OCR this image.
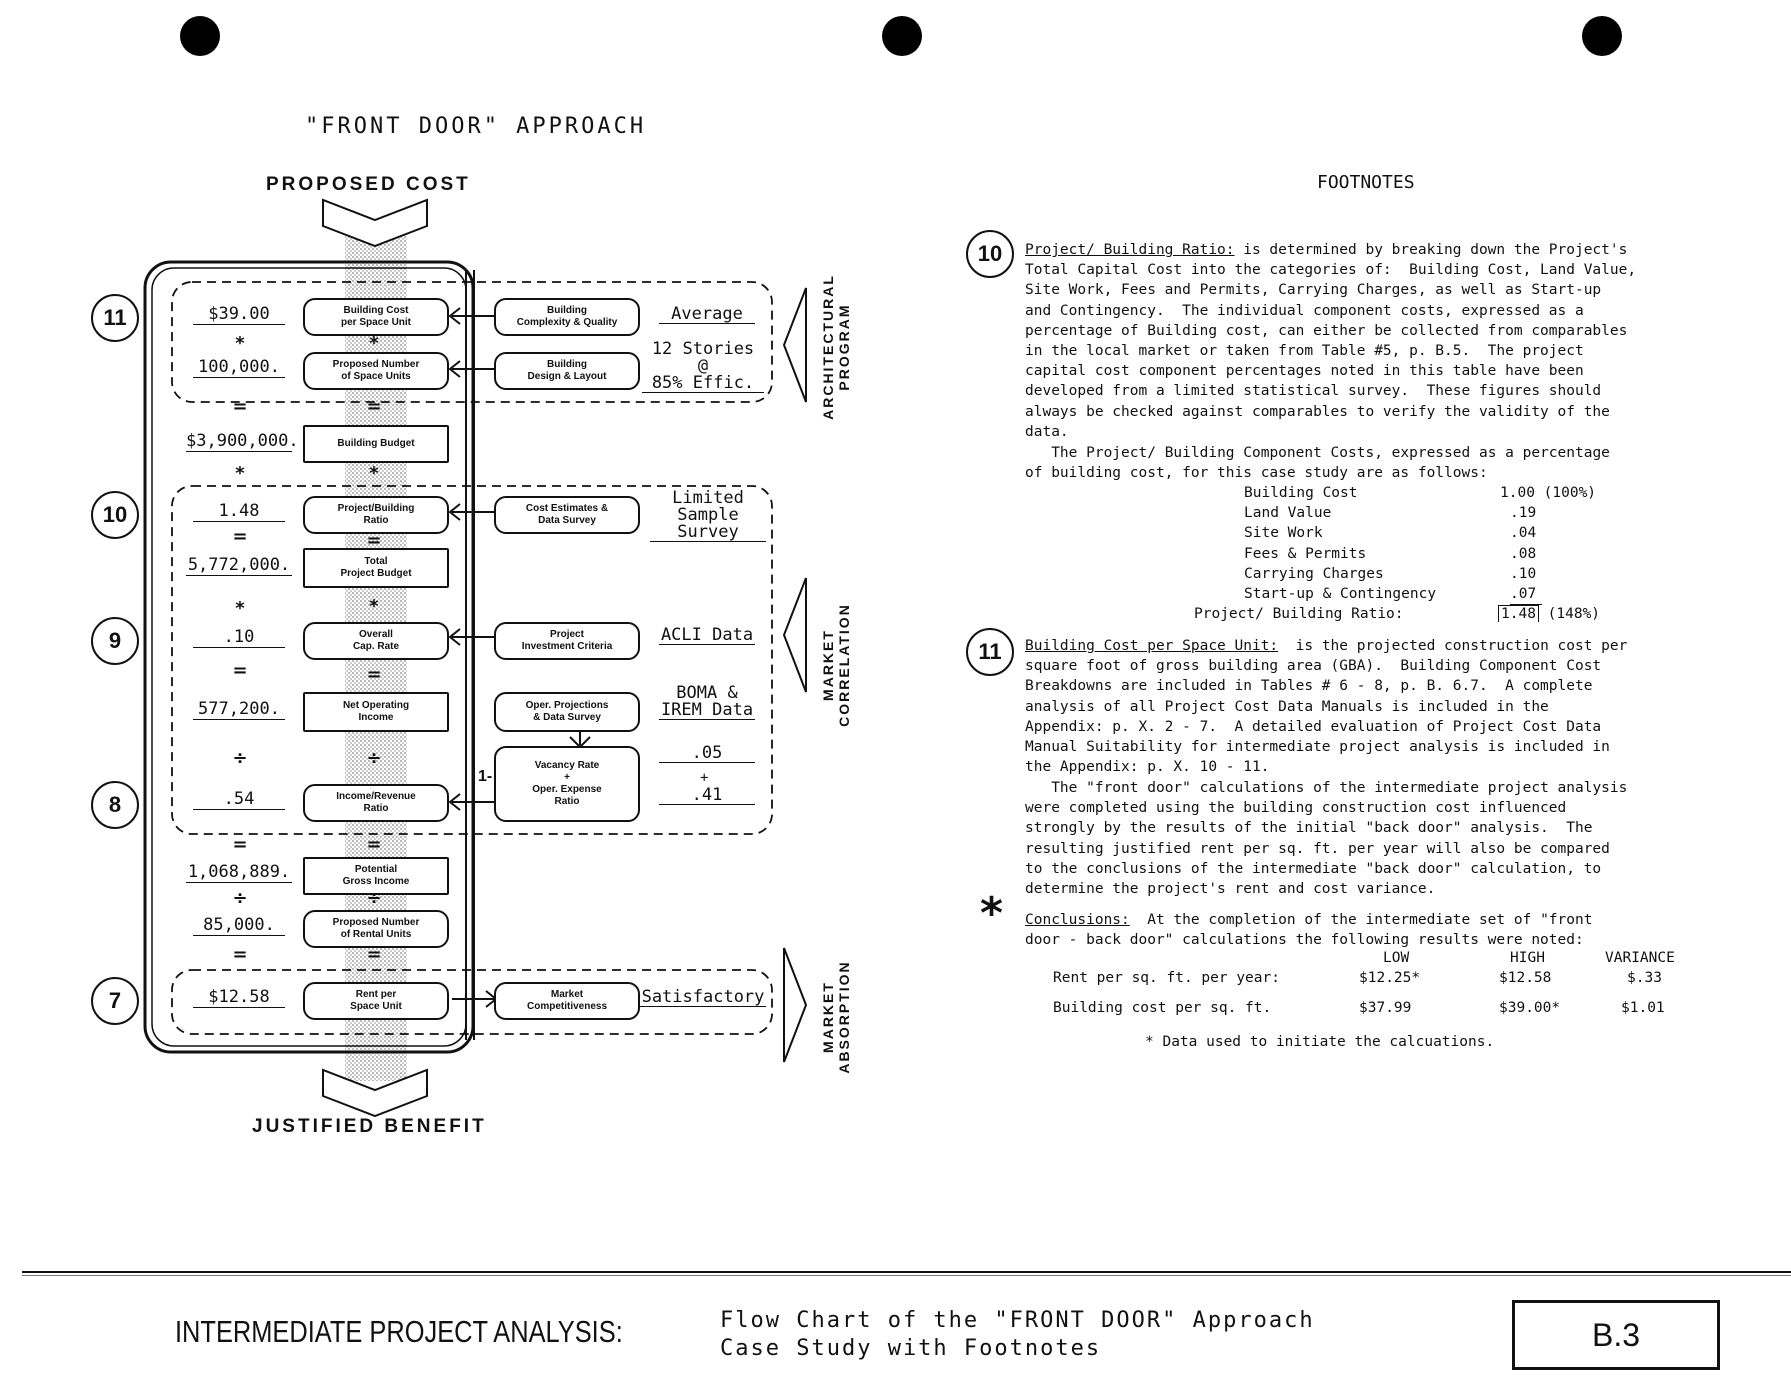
"FRONT DOOR" APPROACH
FOOTNOTES
PROPOSED COST
JUSTIFIED BENEFIT
11
10
9
8
7
Building Cost
per Space Unit
Proposed Number
of Space Units
Building Budget
Project/Building
Ratio
Total
Project Budget
Overall
Cap. Rate
Net Operating
Income
Income/Revenue
Ratio
Potential
Gross Income
Proposed Number
of Rental Units
Rent per
Space Unit
Building
Complexity & Quality
Building
Design & Layout
Cost Estimates &
Data Survey
Project
Investment Criteria
Oper. Projections
& Data Survey
Vacancy Rate
+
Oper. Expense
Ratio
1-
Market
Competitiveness
$39.00
100,000.
$3,900,000.
1.48
5,772,000.
.10
577,200.
.54
1,068,889.
85,000.
$12.58
*
=
*
=
*
=
÷
=
÷
=
*
=
*
=
*
=
÷
=
÷
=
Average
12 Stories @
85% Effic.
Limited Sample
Survey
ACLI Data
BOMA &
IREM Data
.05
+
.41
Satisfactory
ARCHITECTURAL
PROGRAM
MARKET
CORRELATION
MARKET
ABSORPTION
10	Project/ Building Ratio: is determined by breaking down the Project's
Total Capital Cost into the categories of:  Building Cost, Land Value,
Site Work, Fees and Permits, Carrying Charges, as well as Start-up
and Contingency.  The individual component costs, expressed as a
percentage of Building cost, can either be collected from comparables
in the local market or taken from Table #5, p. B.5.  The project
capital cost component percentages noted in this table have been
developed from a limited statistical survey.  These figures should
always be checked against comparables to verify the validity of the
data.
The Project/ Building Component Costs, expressed as a percentage
of building cost, for this case study are as follows:
Building Cost	1.00 (100%)
Land Value	.19
Site Work	.04
Fees & Permits	.08
Carrying Charges	.10
Start-up & Contingency	.07
Project/ Building Ratio:	1.48 (148%)
11	Building Cost per Space Unit:  is the projected construction cost per
square foot of gross building area (GBA).  Building Component Cost
Breakdowns are included in Tables # 6 - 8, p. B. 6.7.  A complete
analysis of all Project Cost Data Manuals is included in the
Appendix: p. X. 2 - 7.  A detailed evaluation of Project Cost Data
Manual Suitability for intermediate project analysis is included in
the Appendix: p. X. 10 - 11.
The "front door" calculations of the intermediate project analysis
were completed using the building construction cost influenced
strongly by the results of the initial "back door" analysis.  The
resulting justified rent per sq. ft. per year will also be compared
to the conclusions of the intermediate "back door" calculation, to
determine the project's rent and cost variance.
* Conclusions:  At the completion of the intermediate set of "front
door - back door" calculations the following results were noted:
LOW	HIGH	VARIANCE
Rent per sq. ft. per year:	$12.25*	$12.58	$.33
Building cost per sq. ft.	$37.99	$39.00*	$1.01
* Data used to initiate the calcuations.
INTERMEDIATE PROJECT ANALYSIS:	Flow Chart of the "FRONT DOOR" Approach
Case Study with Footnotes	B.3
